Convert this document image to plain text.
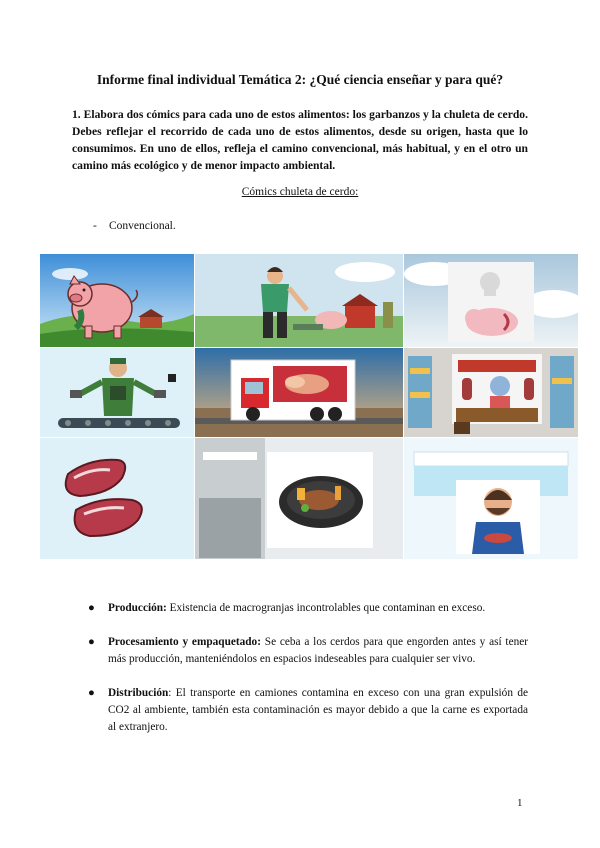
Informe final individual Temática 2: ¿Qué ciencia enseñar y para qué?
1. Elabora dos cómics para cada uno de estos alimentos: los garbanzos y la chuleta de cerdo. Debes reflejar el recorrido de cada uno de estos alimentos, desde su origen, hasta que lo consumimos. En uno de ellos, refleja el camino convencional, más habitual, y en el otro un camino más ecológico y de menor impacto ambiental.
Cómics chuleta de cerdo:
- Convencional.
● Producción: Existencia de macrogranjas incontrolables que contaminan en exceso.
● Procesamiento y empaquetado: Se ceba a los cerdos para que engorden antes y así tener más producción, manteniéndolos en espacios indeseables para cualquier ser vivo.
● Distribución: El transporte en camiones contamina en exceso con una gran expulsión de CO2 al ambiente, también esta contaminación es mayor debido a que la carne es exportada al extranjero.
1
